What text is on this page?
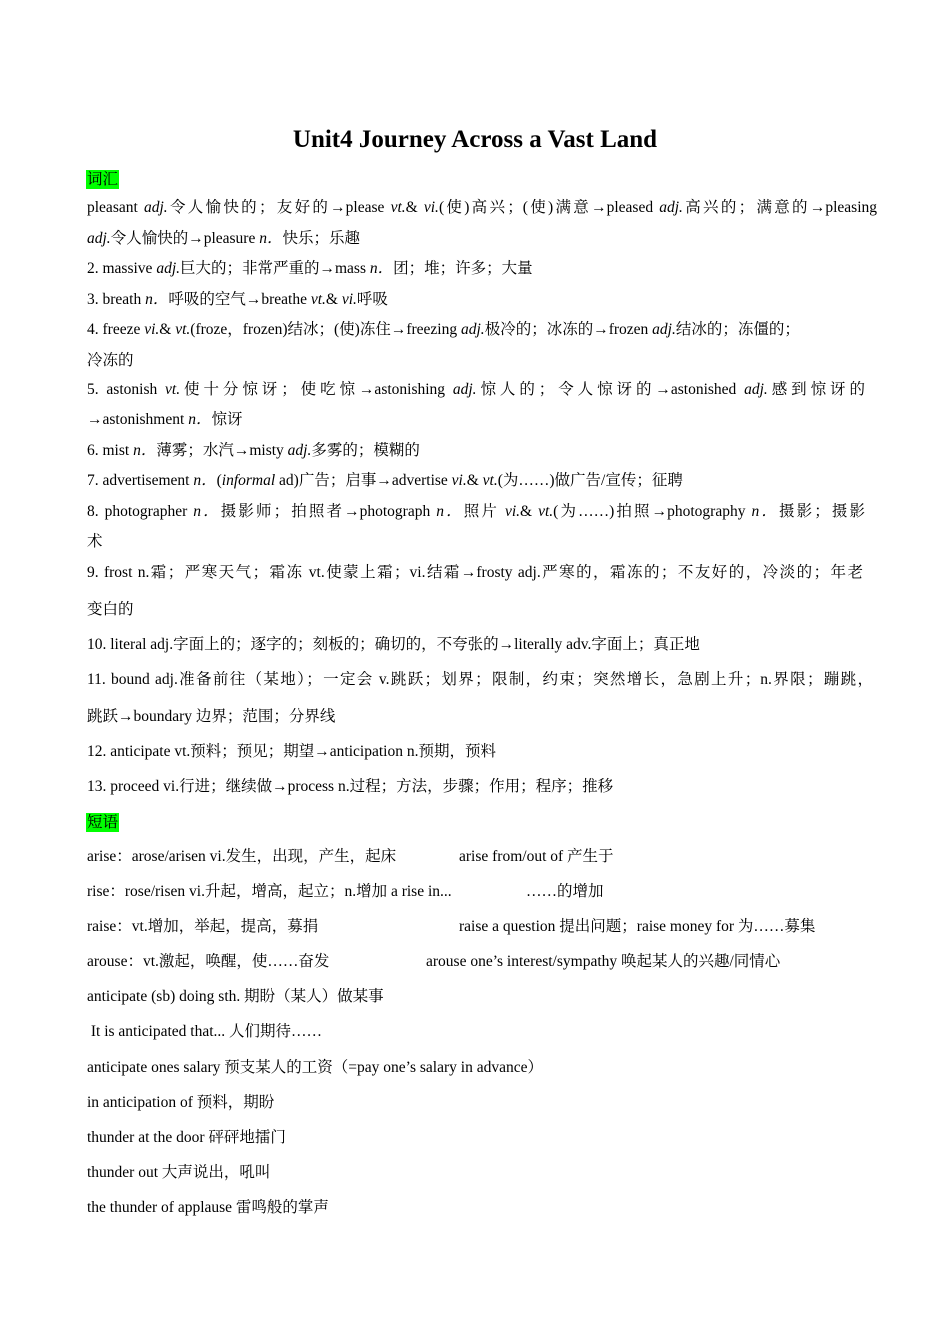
Unit4 Journey Across a Vast Land
词汇
pleasant adj.令人愉快的；友好的→please vt.& vi.(使)高兴；(使)满意→pleased adj.高兴的；满意的→pleasing
adj.令人愉快的→pleasure n．快乐；乐趣
2. massive adj.巨大的；非常严重的→mass n．团；堆；许多；大量
3. breath n．呼吸的空气→breathe vt.& vi.呼吸
4. freeze vi.& vt.(froze，frozen)结冰；(使)冻住→freezing adj.极冷的；冰冻的→frozen adj.结冰的；冻僵的；
冷冻的
5. astonish vt.使十分惊讶；使吃惊→astonishing adj.惊人的；令人惊讶的→astonished adj.感到惊讶的
→astonishment n．惊讶
6. mist n．薄雾；水汽→misty adj.多雾的；模糊的
7. advertisement n．(informal ad)广告；启事→advertise vi.& vt.(为……)做广告/宣传；征聘
8. photographer n．摄影师；拍照者→photograph n．照片 vi.& vt.(为……)拍照→photography n．摄影；摄影
术
9. frost n.霜；严寒天气；霜冻 vt.使蒙上霜；vi.结霜→frosty adj.严寒的，霜冻的；不友好的，冷淡的；年老
变白的
10. literal adj.字面上的；逐字的；刻板的；确切的，不夸张的→literally adv.字面上；真正地
11. bound adj.准备前往（某地）；一定会 v.跳跃；划界；限制，约束；突然增长，急剧上升；n.界限；蹦跳，
跳跃→boundary 边界；范围；分界线
12. anticipate vt.预料；预见；期望→anticipation n.预期，预料
13. proceed vi.行进；继续做→process n.过程；方法，步骤；作用；程序；推移
短语
arise：arose/arisen vi.发生，出现，产生，起床	arise from/out of 产生于
rise：rose/risen vi.升起，增高，起立；n.增加 a rise in...	……的增加
raise：vt.增加，举起，提高，募捐	raise a question 提出问题；raise money for 为……募集
arouse：vt.激起，唤醒，使……奋发	arouse one’s interest/sympathy 唤起某人的兴趣/同情心
anticipate (sb) doing sth. 期盼（某人）做某事
It is anticipated that... 人们期待……
anticipate ones salary 预支某人的工资（=pay one’s salary in advance）
in anticipation of 预料，期盼
thunder at the door 砰砰地擂门
thunder out 大声说出，吼叫
the thunder of applause 雷鸣般的掌声
